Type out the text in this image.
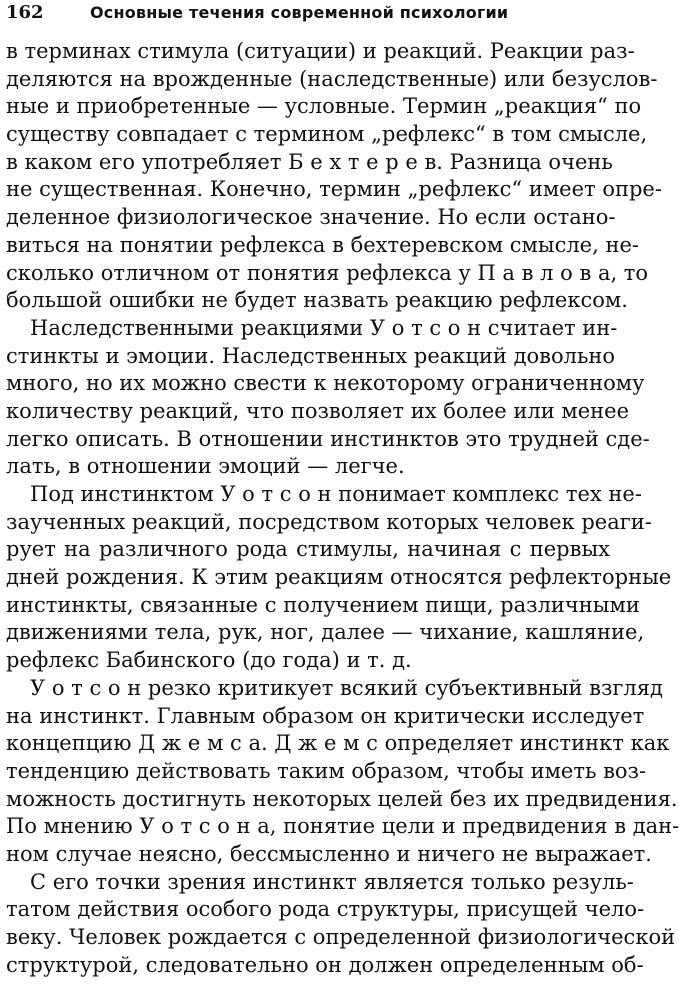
162	Основные течения современной психологии
в терминах стимула (ситуации) и реакций. Реакции раз-
деляются на врожденные (наследственные) или безуслов-
ные и приобретенные — условные. Термин „реакция“ по
существу совпадает с термином „рефлекс“ в том смысле,
в каком его употребляет Б е х т е р е в. Разница очень
не существенная. Конечно, термин „рефлекс“ имеет опре-
деленное физиологическое значение. Но если остано-
виться на понятии рефлекса в бехтеревском смысле, не-
сколько отличном от понятия рефлекса у П а в л о в а, то
большой ошибки не будет назвать реакцию рефлексом.
Наследственными реакциями У о т с о н считает ин-
стинкты и эмоции. Наследственных реакций довольно
много, но их можно свести к некоторому ограниченному
количеству реакций, что позволяет их более или менее
легко описать. В отношении инстинктов это трудней сде-
лать, в отношении эмоций — легче.
Под инстинктом У о т с о н понимает комплекс тех не-
заученных реакций, посредством которых человек реаги-
рует на различного рода стимулы, начиная с первых
дней рождения. К этим реакциям относятся рефлекторные
инстинкты, связанные с получением пищи, различными
движениями тела, рук, ног, далее — чихание, кашляние,
рефлекс Бабинского (до года) и т. д.
У о т с о н резко критикует всякий субъективный взгляд
на инстинкт. Главным образом он критически исследует
концепцию Д ж е м с а. Д ж е м с определяет инстинкт как
тенденцию действовать таким образом, чтобы иметь воз-
можность достигнуть некоторых целей без их предвидения.
По мнению У о т с о н а, понятие цели и предвидения в дан-
ном случае неясно, бессмысленно и ничего не выражает.
С его точки зрения инстинкт является только резуль-
татом действия особого рода структуры, присущей чело-
веку. Человек рождается с определенной физиологической
структурой, следовательно он должен определенным об-
